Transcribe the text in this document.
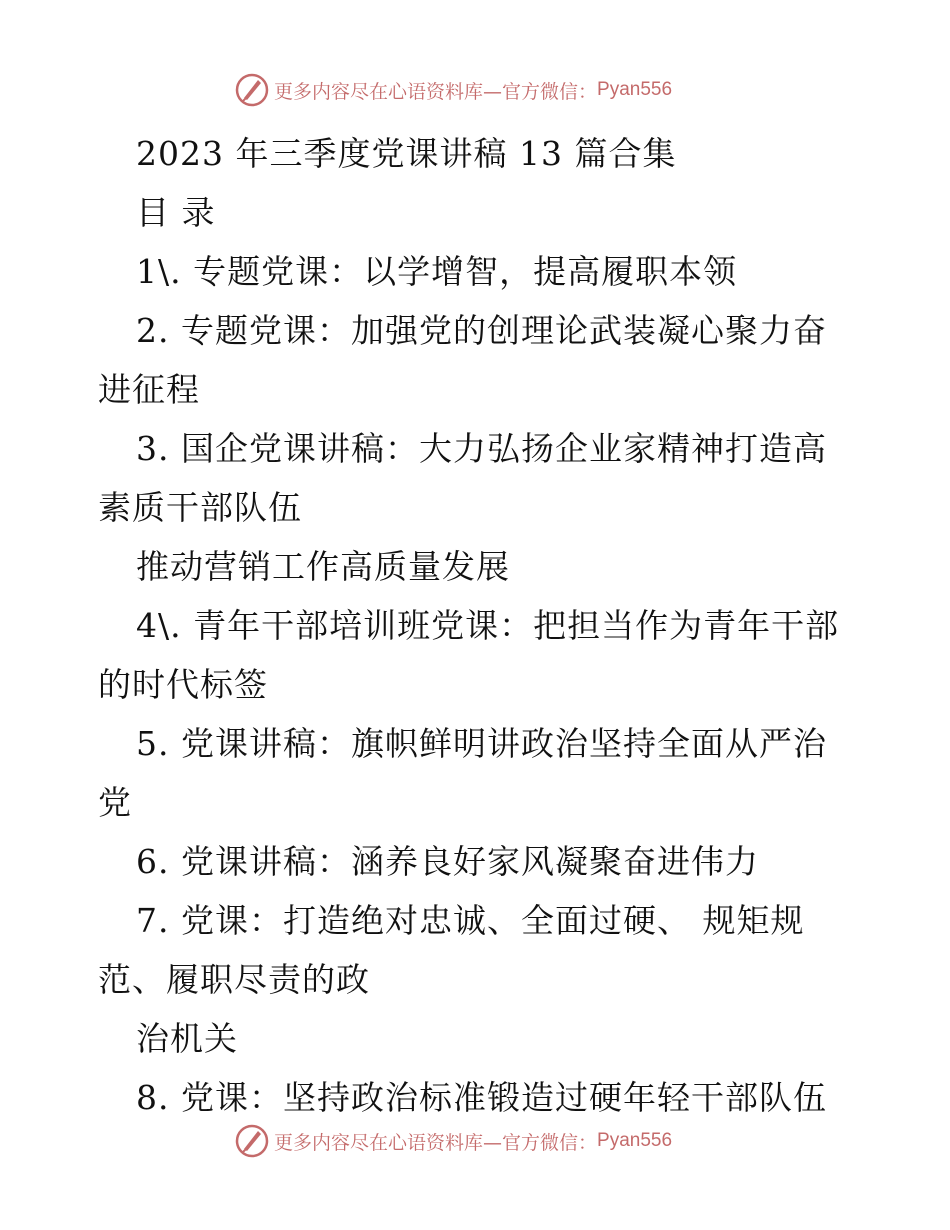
更多内容尽在心语资料库—官方微信： Pyan556
2023 年三季度党课讲稿 13 篇合集
目 录
1\. 专题党课：以学增智，提高履职本领
2. 专题党课：加强党的创理论武装凝心聚力奋
进征程
3. 国企党课讲稿：大力弘扬企业家精神打造高
素质干部队伍
推动营销工作高质量发展
4\. 青年干部培训班党课：把担当作为青年干部
的时代标签
5. 党课讲稿：旗帜鲜明讲政治坚持全面从严治
党
6. 党课讲稿：涵养良好家风凝聚奋进伟力
7. 党课：打造绝对忠诚、全面过硬、 规矩规
范、履职尽责的政
治机关
8. 党课：坚持政治标准锻造过硬年轻干部队伍
更多内容尽在心语资料库—官方微信： Pyan556
